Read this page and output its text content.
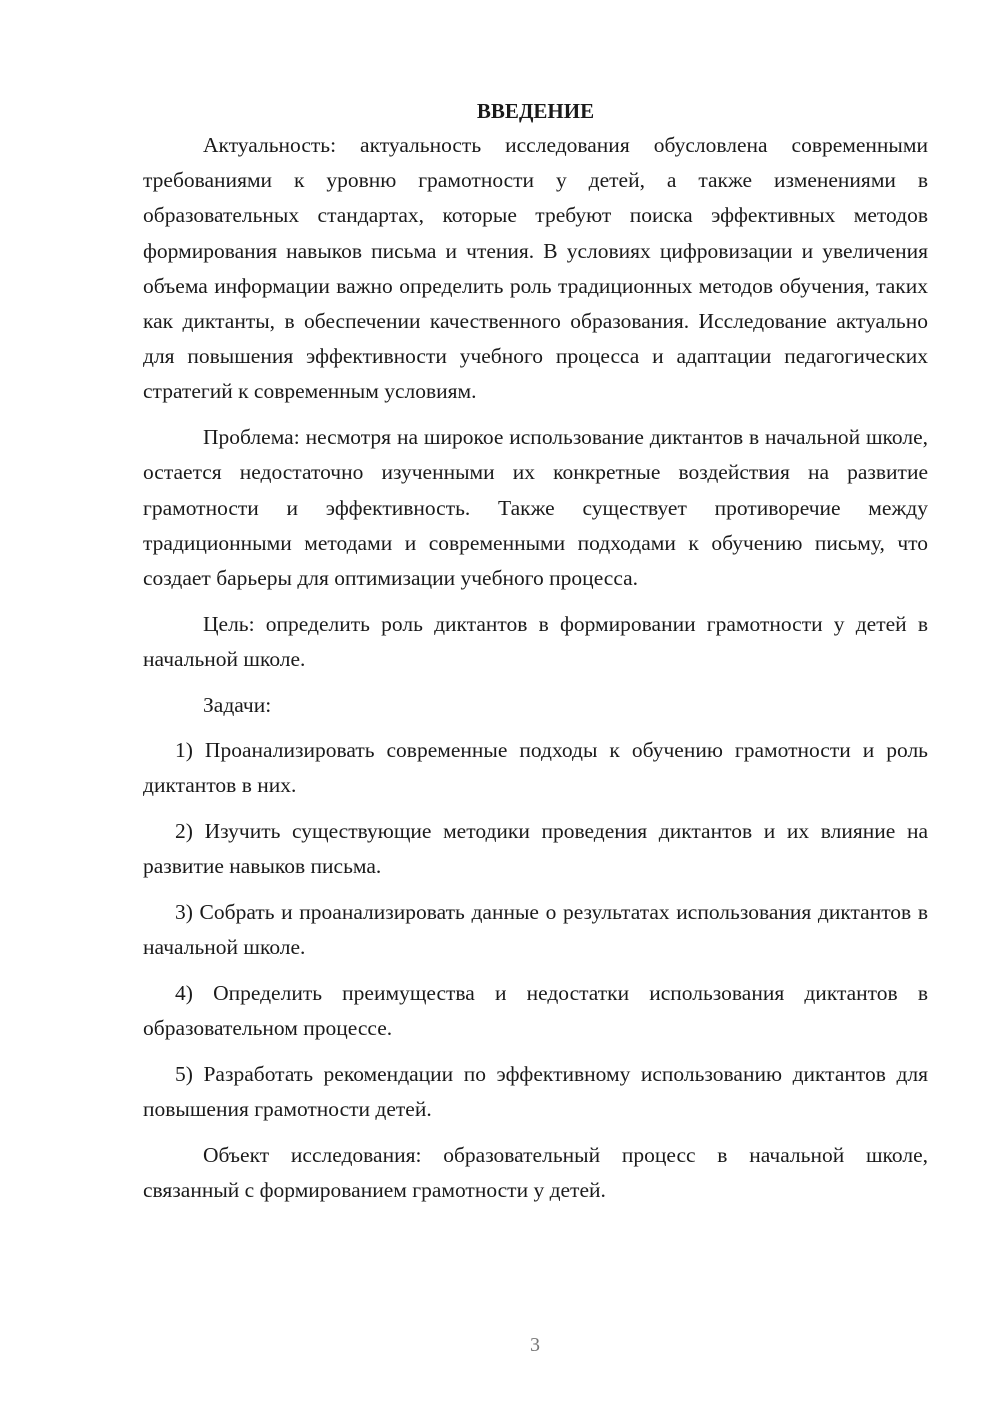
ВВЕДЕНИЕ

Актуальность: актуальность исследования обусловлена современными требованиями к уровню грамотности у детей, а также изменениями в образовательных стандартах, которые требуют поиска эффективных методов формирования навыков письма и чтения. В условиях цифровизации и увеличения объема информации важно определить роль традиционных методов обучения, таких как диктанты, в обеспечении качественного образования. Исследование актуально для повышения эффективности учебного процесса и адаптации педагогических стратегий к современным условиям.

Проблема: несмотря на широкое использование диктантов в начальной школе, остается недостаточно изученными их конкретные воздействия на развитие грамотности и эффективность. Также существует противоречие между традиционными методами и современными подходами к обучению письму, что создает барьеры для оптимизации учебного процесса.

Цель: определить роль диктантов в формировании грамотности у детей в начальной школе.

Задачи:

1) Проанализировать современные подходы к обучению грамотности и роль диктантов в них.

2) Изучить существующие методики проведения диктантов и их влияние на развитие навыков письма.

3) Собрать и проанализировать данные о результатах использования диктантов в начальной школе.

4) Определить преимущества и недостатки использования диктантов в образовательном процессе.

5) Разработать рекомендации по эффективному использованию диктантов для повышения грамотности детей.

Объект исследования: образовательный процесс в начальной школе, связанный с формированием грамотности у детей.

3
